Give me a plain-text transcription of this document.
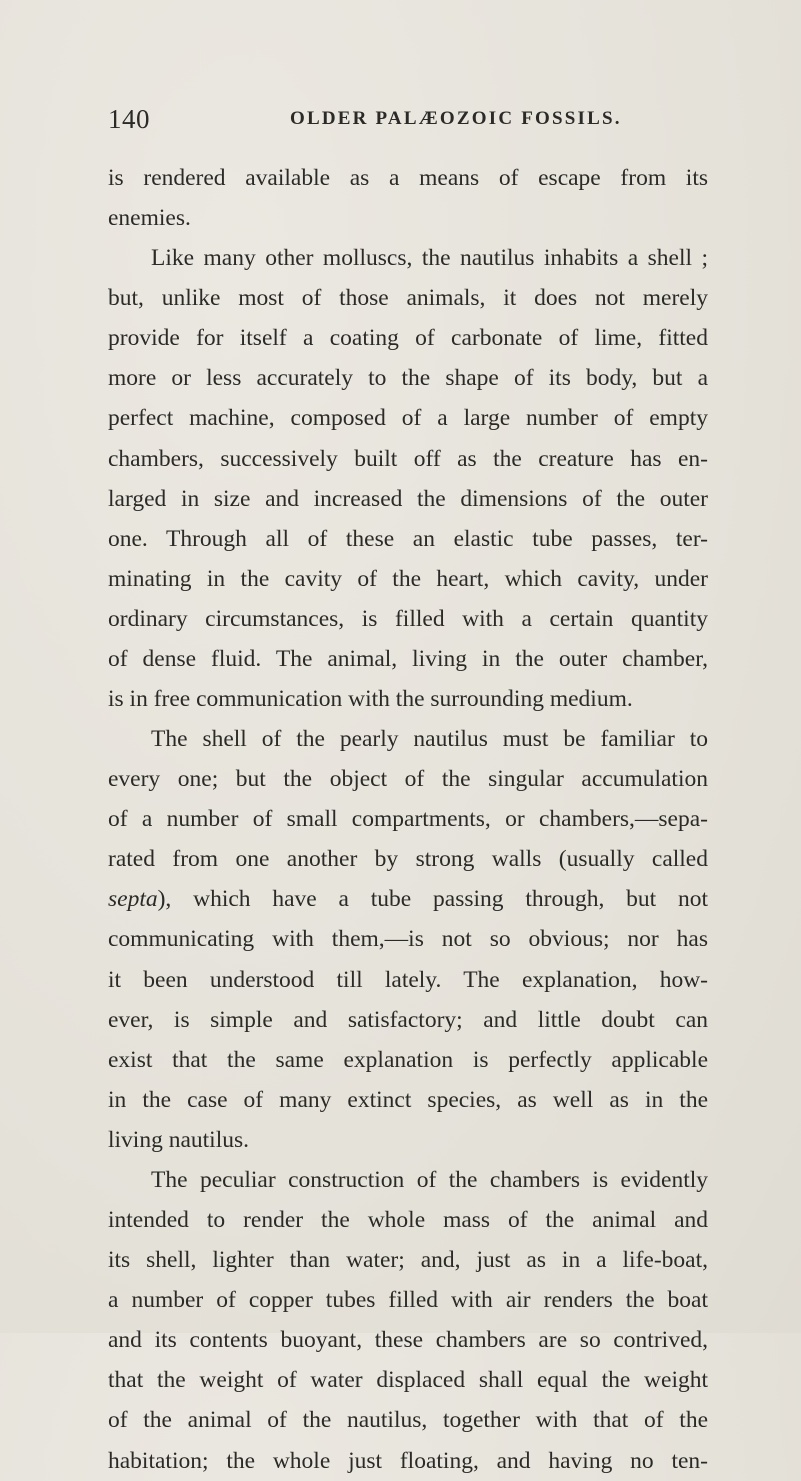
140	OLDER PALÆOZOIC FOSSILS.
is rendered available as a means of escape from its
enemies.
Like many other molluscs, the nautilus inhabits a shell ;
but, unlike most of those animals, it does not merely
provide for itself a coating of carbonate of lime, fitted
more or less accurately to the shape of its body, but a
perfect machine, composed of a large number of empty
chambers, successively built off as the creature has en-
larged in size and increased the dimensions of the outer
one. Through all of these an elastic tube passes, ter-
minating in the cavity of the heart, which cavity, under
ordinary circumstances, is filled with a certain quantity
of dense fluid. The animal, living in the outer chamber,
is in free communication with the surrounding medium.
The shell of the pearly nautilus must be familiar to
every one; but the object of the singular accumulation
of a number of small compartments, or chambers,—sepa-
rated from one another by strong walls (usually called
septa), which have a tube passing through, but not
communicating with them,—is not so obvious; nor has
it been understood till lately. The explanation, how-
ever, is simple and satisfactory; and little doubt can
exist that the same explanation is perfectly applicable
in the case of many extinct species, as well as in the
living nautilus.
The peculiar construction of the chambers is evidently
intended to render the whole mass of the animal and
its shell, lighter than water; and, just as in a life-boat,
a number of copper tubes filled with air renders the boat
and its contents buoyant, these chambers are so contrived,
that the weight of water displaced shall equal the weight
of the animal of the nautilus, together with that of the
habitation; the whole just floating, and having no ten-
